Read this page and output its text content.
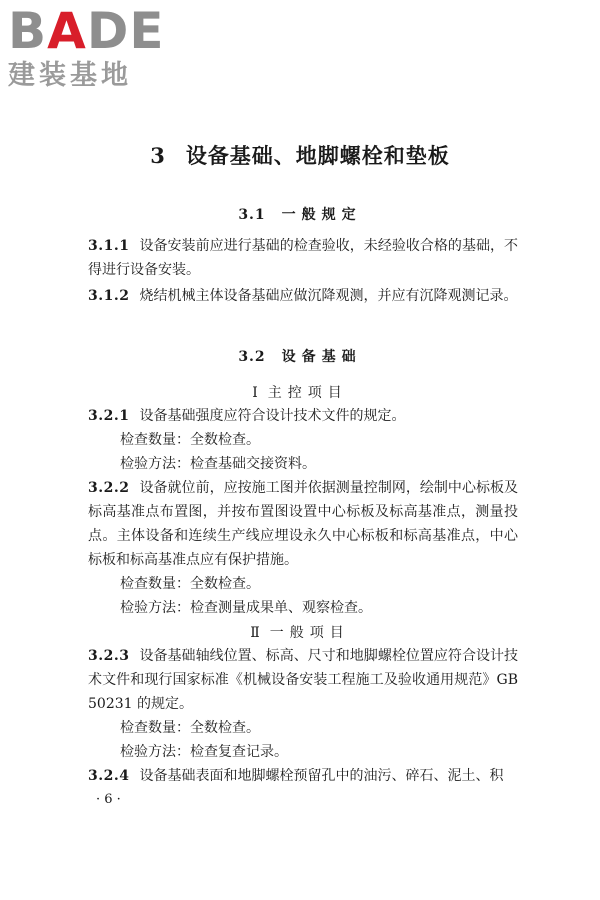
B A DE
建装基地
3 设备基础、地脚螺栓和垫板
3.1 一般规定
3.1.1 设备安装前应进行基础的检查验收，未经验收合格的基础，不得进行设备安装。
3.1.2 烧结机械主体设备基础应做沉降观测，并应有沉降观测记录。
3.2 设备基础
Ⅰ 主控项目
3.2.1 设备基础强度应符合设计技术文件的规定。
检查数量：全数检查。
检验方法：检查基础交接资料。
3.2.2 设备就位前，应按施工图并依据测量控制网，绘制中心标板及标高基准点布置图，并按布置图设置中心标板及标高基准点，测量投点。主体设备和连续生产线应埋设永久中心标板和标高基准点，中心标板和标高基准点应有保护措施。
检查数量：全数检查。
检验方法：检查测量成果单、观察检查。
Ⅱ 一般项目
3.2.3 设备基础轴线位置、标高、尺寸和地脚螺栓位置应符合设计技术文件和现行国家标准《机械设备安装工程施工及验收通用规范》GB 50231 的规定。
检查数量：全数检查。
检验方法：检查复查记录。
3.2.4 设备基础表面和地脚螺栓预留孔中的油污、碎石、泥土、积
· 6 ·
